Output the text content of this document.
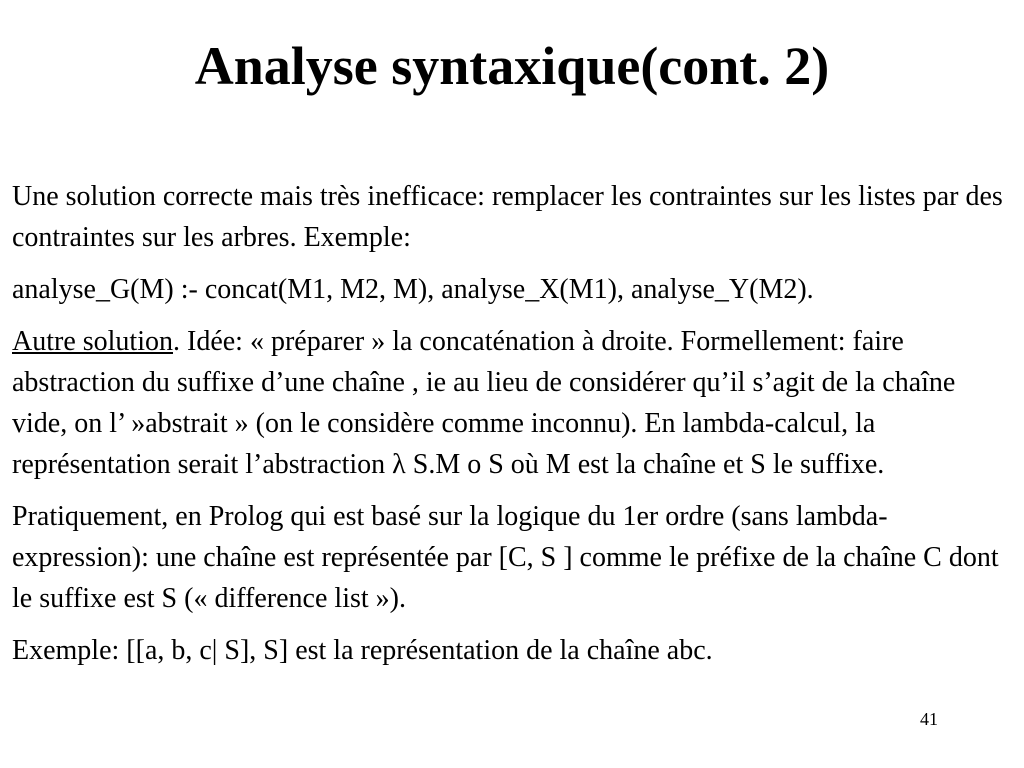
Analyse syntaxique(cont. 2)

Une solution correcte mais très inefficace: remplacer les contraintes sur les listes par des contraintes sur les arbres. Exemple:

analyse_G(M) :- concat(M1, M2, M), analyse_X(M1), analyse_Y(M2).

Autre solution. Idée: « préparer » la concaténation à droite. Formellement: faire abstraction du suffixe d’une chaîne , ie au lieu de considérer qu’il s’agit de la chaîne vide, on l’ »abstrait » (on le considère comme inconnu). En lambda-calcul, la représentation serait l’abstraction λ S.M o S où M est la chaîne et S le suffixe.

Pratiquement, en Prolog qui est basé sur la logique du 1er ordre (sans lambda-expression): une chaîne est représentée par [C, S ] comme le préfixe de la chaîne C dont le suffixe est S (« difference list »).

Exemple: [[a, b, c| S], S] est la représentation de la chaîne abc.

41
